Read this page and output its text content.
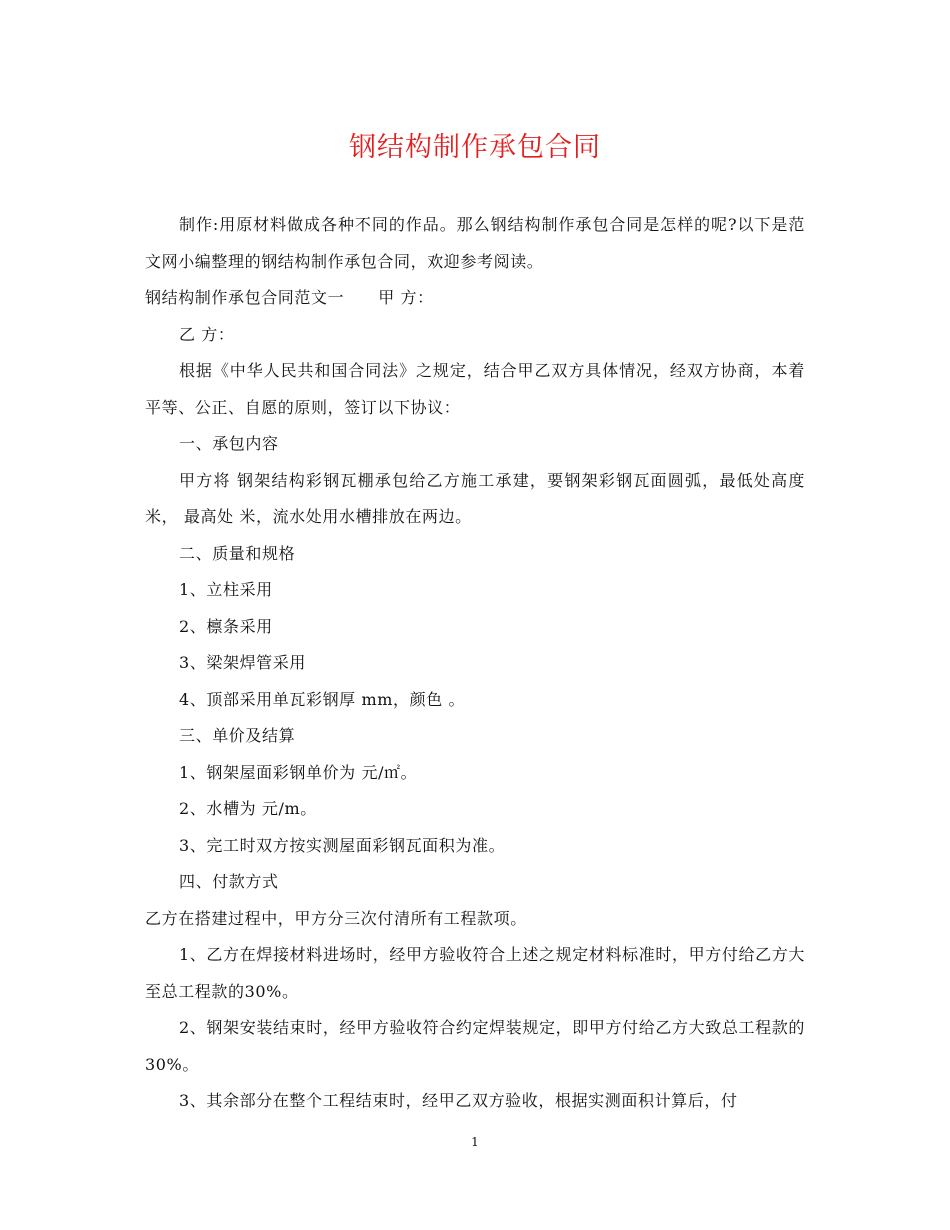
钢结构制作承包合同

制作:用原材料做成各种不同的作品。那么钢结构制作承包合同是怎样的呢?以下是范文网小编整理的钢结构制作承包合同，欢迎参考阅读。

钢结构制作承包合同范文一 甲 方：

乙 方：

根据《中华人民共和国合同法》之规定，结合甲乙双方具体情况，经双方协商，本着平等、公正、自愿的原则，签订以下协议：

一、承包内容

甲方将 钢架结构彩钢瓦棚承包给乙方施工承建，要钢架彩钢瓦面圆弧，最低处高度 米， 最高处 米，流水处用水槽排放在两边。

二、质量和规格

1、立柱采用

2、檩条采用

3、梁架焊管采用

4、顶部采用单瓦彩钢厚 mm，颜色 。

三、单价及结算

1、钢架屋面彩钢单价为 元/㎡。

2、水槽为 元/m。

3、完工时双方按实测屋面彩钢瓦面积为准。

四、付款方式

乙方在搭建过程中，甲方分三次付清所有工程款项。

1、乙方在焊接材料进场时，经甲方验收符合上述之规定材料标准时，甲方付给乙方大至总工程款的30%。

2、钢架安装结束时，经甲方验收符合约定焊装规定，即甲方付给乙方大致总工程款的30%。

3、其余部分在整个工程结束时，经甲乙双方验收，根据实测面积计算后，付

1
